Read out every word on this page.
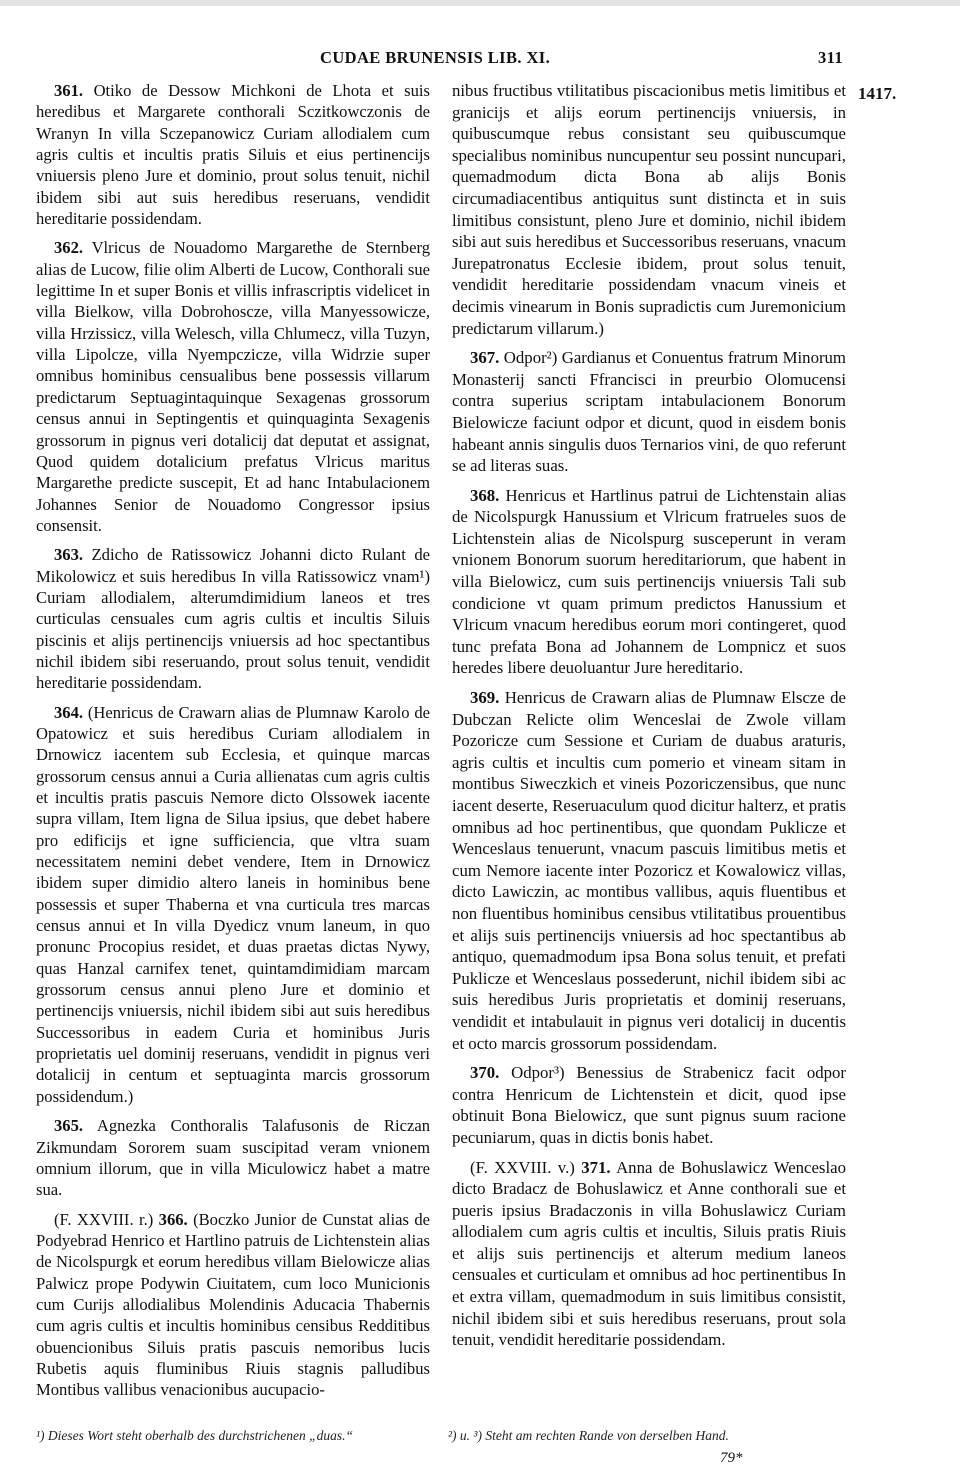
CUDAE BRUNENSIS LIB. XI.	311
1417.

361. Otiko de Dessow Michkoni de Lhota et suis heredibus et Margarete conthorali Sczitkowczonis de Wranyn In villa Sczepanowicz Curiam allodialem cum agris cultis et incultis pratis Siluis et eius pertinencijs vniuersis pleno Jure et dominio, prout solus tenuit, nichil ibidem sibi aut suis heredibus reseruans, vendidit hereditarie possidendam.

362. Vlricus de Nouadomo Margarethe de Sternberg alias de Lucow, filie olim Alberti de Lucow, Conthorali sue legittime In et super Bonis et villis infrascriptis videlicet in villa Bielkow, villa Dobrohoscze, villa Manyessowicze, villa Hrzissicz, villa Welesch, villa Chlumecz, villa Tuzyn, villa Lipolcze, villa Nyempczicze, villa Widrzie super omnibus hominibus censualibus bene possessis villarum predictarum Septuagintaquinque Sexagenas grossorum census annui in Septingentis et quinquaginta Sexagenis grossorum in pignus veri dotalicij dat deputat et assignat, Quod quidem dotalicium prefatus Vlricus maritus Margarethe predicte suscepit, Et ad hanc Intabulacionem Johannes Senior de Nouadomo Congressor ipsius consensit.

363. Zdicho de Ratissowicz Johanni dicto Rulant de Mikolowicz et suis heredibus In villa Ratissowicz vnam¹) Curiam allodialem, alterumdimidium laneos et tres curticulas censuales cum agris cultis et incultis Siluis piscinis et alijs pertinencijs vniuersis ad hoc spectantibus nichil ibidem sibi reseruando, prout solus tenuit, vendidit hereditarie possidendam.

364. (Henricus de Crawarn alias de Plumnaw Karolo de Opatowicz et suis heredibus Curiam allodialem in Drnowicz iacentem sub Ecclesia, et quinque marcas grossorum census annui a Curia allienatas cum agris cultis et incultis pratis pascuis Nemore dicto Olssowek iacente supra villam, Item ligna de Silua ipsius, que debet habere pro edificijs et igne sufficiencia, que vltra suam necessitatem nemini debet vendere, Item in Drnowicz ibidem super dimidio altero laneis in hominibus bene possessis et super Thaberna et vna curticula tres marcas census annui et In villa Dyedicz vnum laneum, in quo pronunc Procopius residet, et duas praetas dictas Nywy, quas Hanzal carnifex tenet, quintamdimidiam marcam grossorum census annui pleno Jure et dominio et pertinencijs vniuersis, nichil ibidem sibi aut suis heredibus Successoribus in eadem Curia et hominibus Juris proprietatis uel dominij reseruans, vendidit in pignus veri dotalicij in centum et septuaginta marcis grossorum possidendum.)

365. Agnezka Conthoralis Talafusonis de Riczan Zikmundam Sororem suam suscipitad veram vnionem omnium illorum, que in villa Miculowicz habet a matre sua.

(F. XXVIII. r.) 366. (Boczko Junior de Cunstat alias de Podyebrad Henrico et Hartlino patruis de Lichtenstein alias de Nicolspurgk et eorum heredibus villam Bielowicze alias Palwicz prope Podywin Ciuitatem, cum loco Municionis cum Curijs allodialibus Molendinis Aducacia Thabernis cum agris cultis et incultis hominibus censibus Redditibus obuencionibus Siluis pratis pascuis nemoribus lucis Rubetis aquis fluminibus Riuis stagnis palludibus Montibus vallibus venacionibus aucupacio-

nibus fructibus vtilitatibus piscacionibus metis limitibus et granicijs et alijs eorum pertinencijs vniuersis, in quibuscumque rebus consistant seu quibuscumque specialibus nominibus nuncupentur seu possint nuncupari, quemadmodum dicta Bona ab alijs Bonis circumadiacentibus antiquitus sunt distincta et in suis limitibus consistunt, pleno Jure et dominio, nichil ibidem sibi aut suis heredibus et Successoribus reseruans, vnacum Jurepatronatus Ecclesie ibidem, prout solus tenuit, vendidit hereditarie possidendam vnacum vineis et decimis vinearum in Bonis supradictis cum Juremonicium predictarum villarum.)

367. Odpor²) Gardianus et Conuentus fratrum Minorum Monasterij sancti Ffrancisci in preurbio Olomucensi contra superius scriptam intabulacionem Bonorum Bielowicze faciunt odpor et dicunt, quod in eisdem bonis habeant annis singulis duos Ternarios vini, de quo referunt se ad literas suas.

368. Henricus et Hartlinus patrui de Lichtenstain alias de Nicolspurgk Hanussium et Vlricum fratrueles suos de Lichtenstein alias de Nicolspurg susceperunt in veram vnionem Bonorum suorum hereditariorum, que habent in villa Bielowicz, cum suis pertinencijs vniuersis Tali sub condicione vt quam primum predictos Hanussium et Vlricum vnacum heredibus eorum mori contingeret, quod tunc prefata Bona ad Johannem de Lompnicz et suos heredes libere deuoluantur Jure hereditario.

369. Henricus de Crawarn alias de Plumnaw Elscze de Dubczan Relicte olim Wenceslai de Zwole villam Pozoricze cum Sessione et Curiam de duabus araturis, agris cultis et incultis cum pomerio et vineam sitam in montibus Siweczkich et vineis Pozoriczensibus, que nunc iacent deserte, Reseruaculum quod dicitur halterz, et pratis omnibus ad hoc pertinentibus, que quondam Puklicze et Wenceslaus tenuerunt, vnacum pascuis limitibus metis et cum Nemore iacente inter Pozoricz et Kowalowicz villas, dicto Lawiczin, ac montibus vallibus, aquis fluentibus et non fluentibus hominibus censibus vtilitatibus prouentibus et alijs suis pertinencijs vniuersis ad hoc spectantibus ab antiquo, quemadmodum ipsa Bona solus tenuit, et prefati Puklicze et Wenceslaus possederunt, nichil ibidem sibi ac suis heredibus Juris proprietatis et dominij reseruans, vendidit et intabulauit in pignus veri dotalicij in ducentis et octo marcis grossorum possidendam.

370. Odpor³) Benessius de Strabenicz facit odpor contra Henricum de Lichtenstein et dicit, quod ipse obtinuit Bona Bielowicz, que sunt pignus suum racione pecuniarum, quas in dictis bonis habet.

(F. XXVIII. v.) 371. Anna de Bohuslawicz Wenceslao dicto Bradacz de Bohuslawicz et Anne conthorali sue et pueris ipsius Bradaczonis in villa Bohuslawicz Curiam allodialem cum agris cultis et incultis, Siluis pratis Riuis et alijs suis pertinencijs et alterum medium laneos censuales et curticulam et omnibus ad hoc pertinentibus In et extra villam, quemadmodum in suis limitibus consistit, nichil ibidem sibi et suis heredibus reseruans, prout sola tenuit, vendidit hereditarie possidendam.

¹) Dieses Wort steht oberhalb des durchstrichenen „duas.“	²) u. ³) Steht am rechten Rande von derselben Hand.
79*
